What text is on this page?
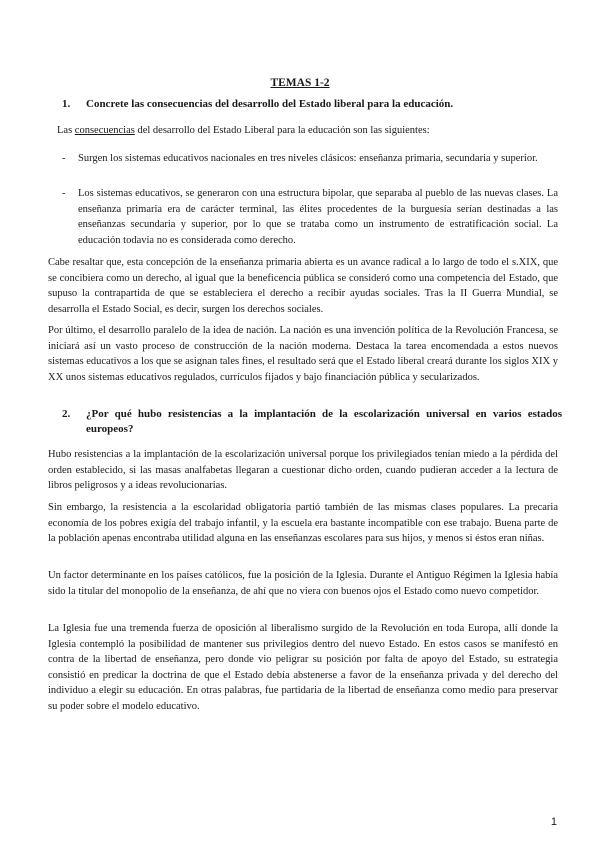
TEMAS 1-2
1. Concrete las consecuencias del desarrollo del Estado liberal para la educación.

Las consecuencias del desarrollo del Estado Liberal para la educación son las siguientes:

- Surgen los sistemas educativos nacionales en tres niveles clásicos: enseñanza primaria, secundaria y superior.
- Los sistemas educativos, se generaron con una estructura bipolar, que separaba al pueblo de las nuevas clases. La enseñanza primaria era de carácter terminal, las élites procedentes de la burguesía serían destinadas a las enseñanzas secundaria y superior, por lo que se trataba como un instrumento de estratificación social. La educación todavía no es considerada como derecho.

Cabe resaltar que, esta concepción de la enseñanza primaria abierta es un avance radical a lo largo de todo el s.XIX, que se concibiera como un derecho, al igual que la beneficencia pública se consideró como una competencia del Estado, que supuso la contrapartida de que se estableciera el derecho a recibir ayudas sociales. Tras la II Guerra Mundial, se desarrolla el Estado Social, es decir, surgen los derechos sociales.

Por último, el desarrollo paralelo de la idea de nación. La nación es una invención política de la Revolución Francesa, se iniciará así un vasto proceso de construcción de la nación moderna. Destaca la tarea encomendada a estos nuevos sistemas educativos a los que se asignan tales fines, el resultado será que el Estado liberal creará durante los siglos XIX y XX unos sistemas educativos regulados, currículos fijados y bajo financiación pública y secularizados.

2. ¿Por qué hubo resistencias a la implantación de la escolarización universal en varios estados europeos?

Hubo resistencias a la implantación de la escolarización universal porque los privilegiados tenían miedo a la pérdida del orden establecido, si las masas analfabetas llegaran a cuestionar dicho orden, cuando pudieran acceder a la lectura de libros peligrosos y a ideas revolucionarias.

Sin embargo, la resistencia a la escolaridad obligatoria partió también de las mismas clases populares. La precaria economía de los pobres exigía del trabajo infantil, y la escuela era bastante incompatible con ese trabajo. Buena parte de la población apenas encontraba utilidad alguna en las enseñanzas escolares para sus hijos, y menos si éstos eran niñas.

Un factor determinante en los países católicos, fue la posición de la Iglesia. Durante el Antiguo Régimen la Iglesia había sido la titular del monopolio de la enseñanza, de ahí que no viera con buenos ojos el Estado como nuevo competidor.

La Iglesia fue una tremenda fuerza de oposición al liberalismo surgido de la Revolución en toda Europa, allí donde la Iglesia contempló la posibilidad de mantener sus privilegios dentro del nuevo Estado. En estos casos se manifestó en contra de la libertad de enseñanza, pero donde vio peligrar su posición por falta de apoyo del Estado, su estrategia consistió en predicar la doctrina de que el Estado debía abstenerse a favor de la enseñanza privada y del derecho del individuo a elegir su educación. En otras palabras, fue partidaria de la libertad de enseñanza como medio para preservar su poder sobre el modelo educativo.

1
